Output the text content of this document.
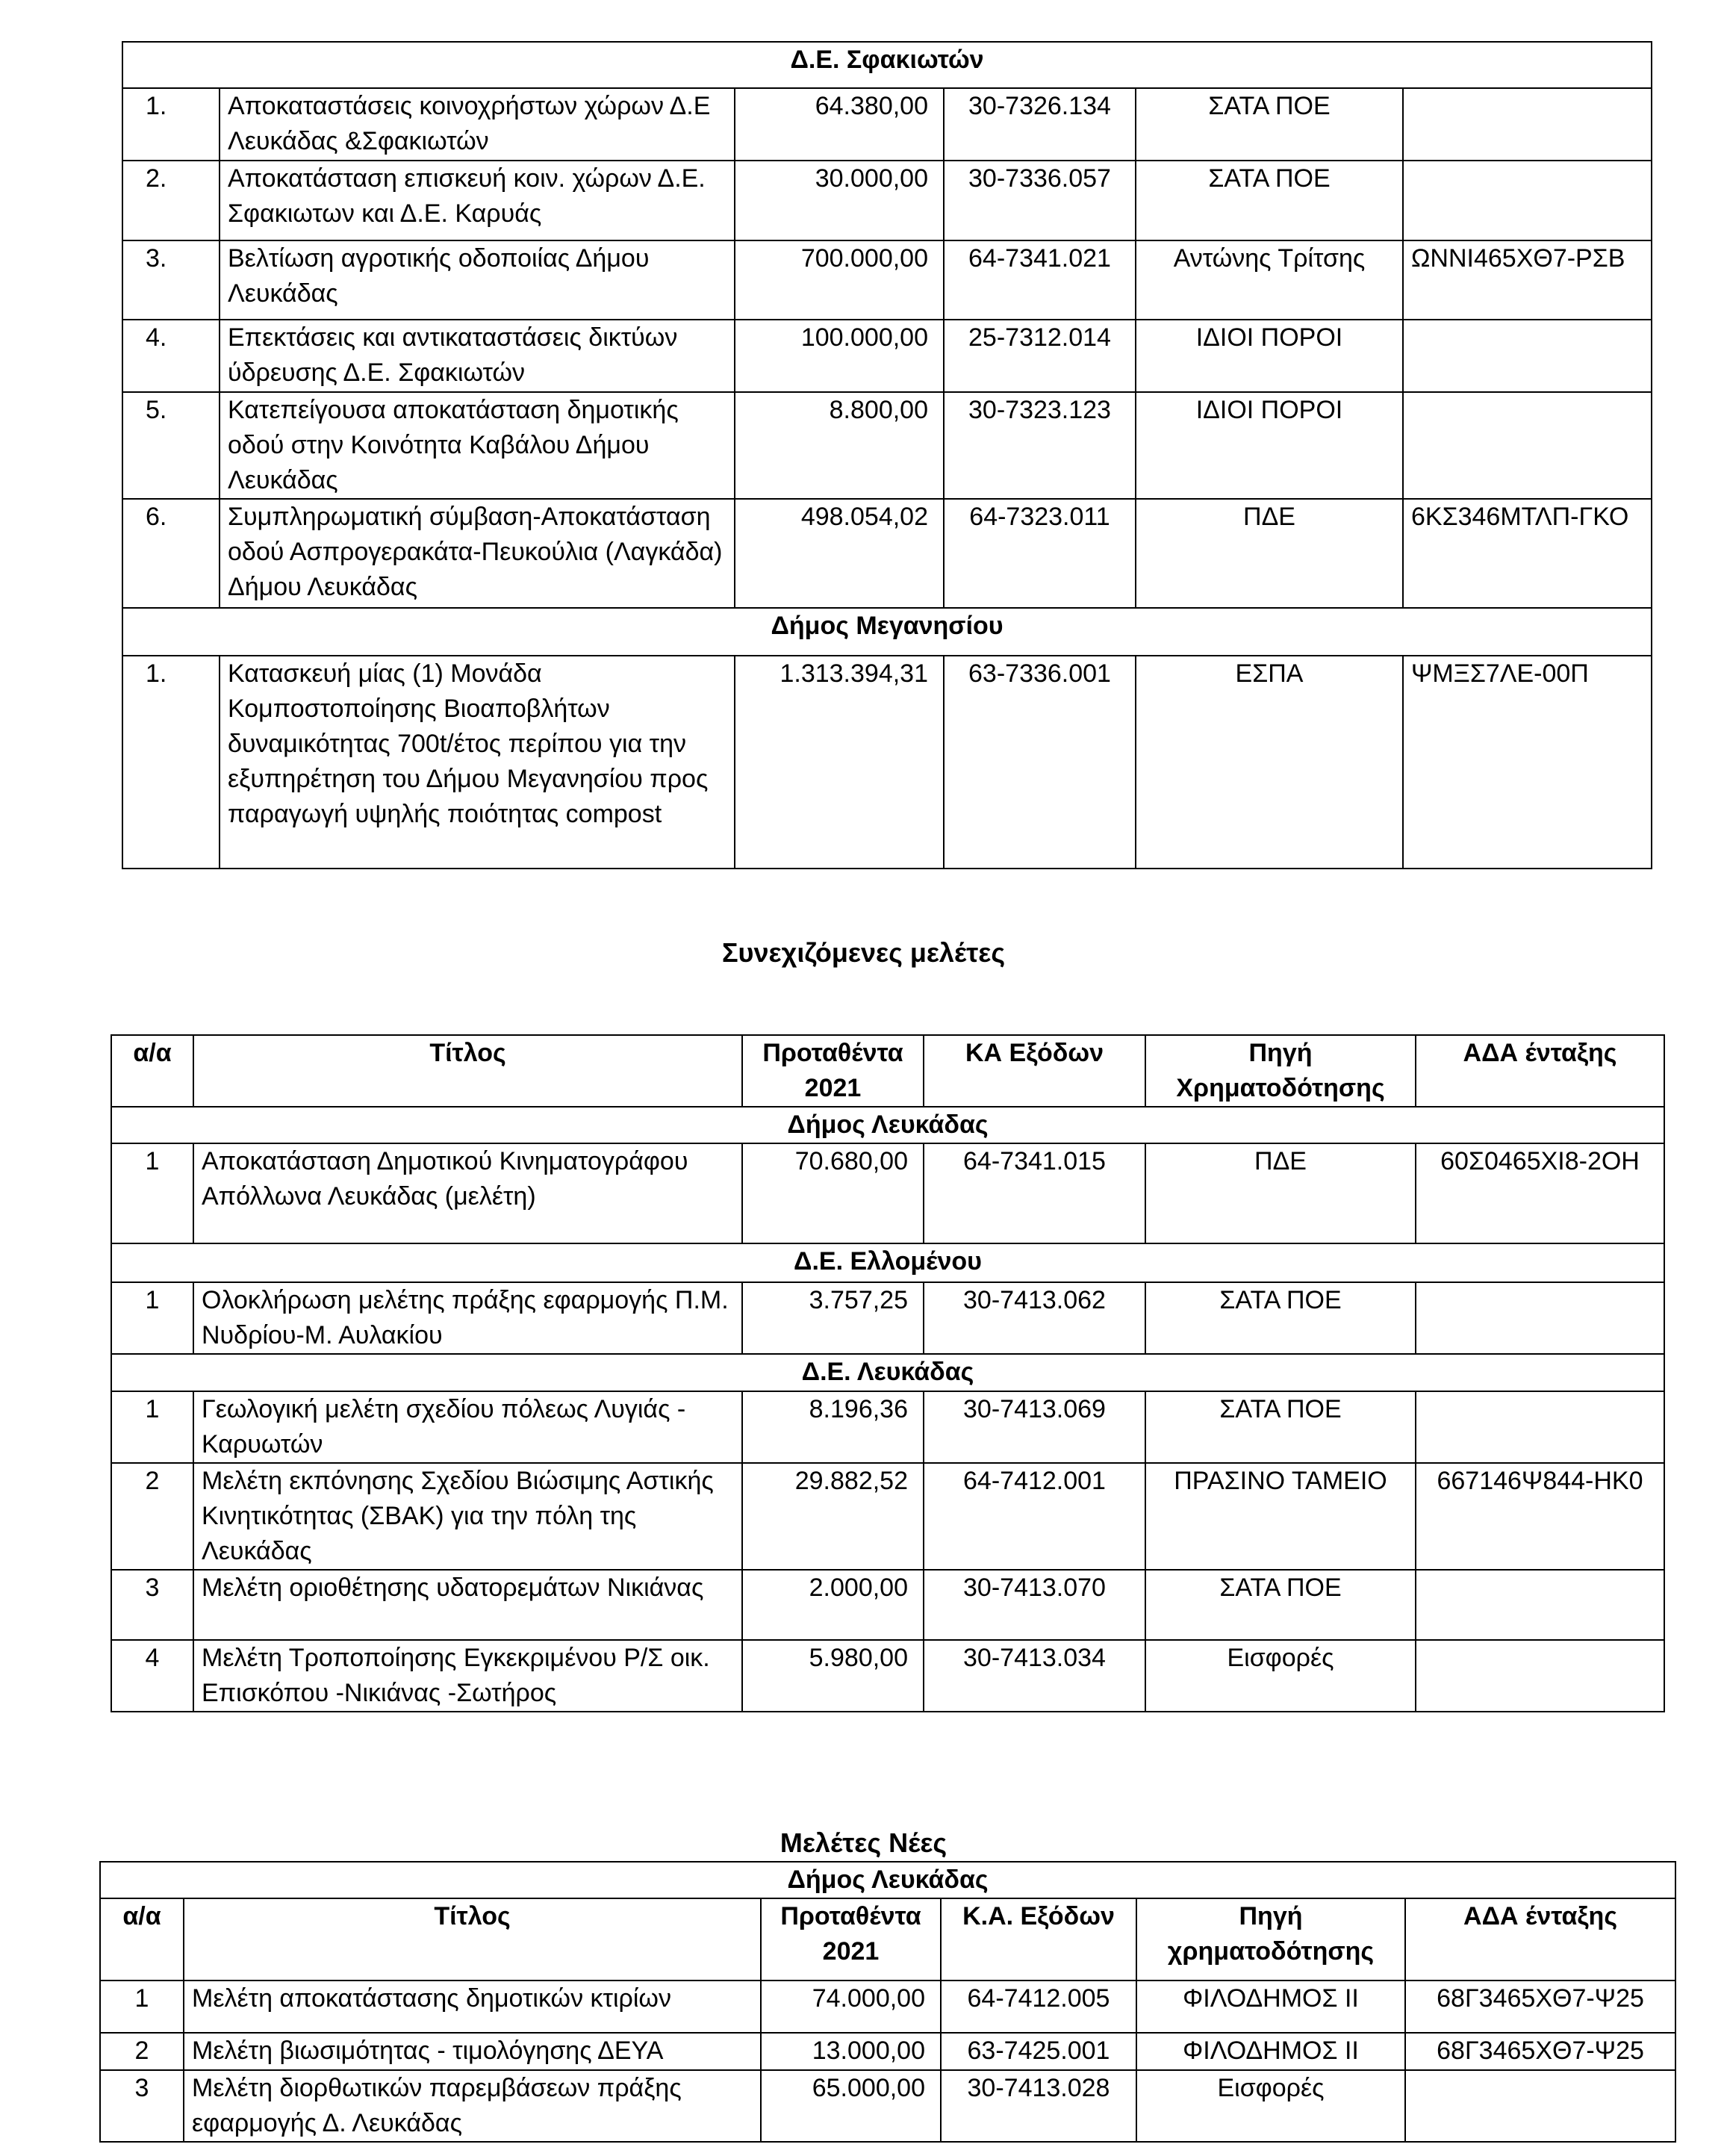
Δ.Ε. Σφακιωτών					
1.	Αποκαταστάσεις κοινοχρήστων χώρων Δ.Ε Λευκάδας &Σφακιωτών	64.380,00	30-7326.134	ΣΑΤΑ ΠΟΕ	
2.	Αποκατάσταση επισκευή κοιν. χώρων Δ.Ε. Σφακιωτων και Δ.Ε. Καρυάς	30.000,00	30-7336.057	ΣΑΤΑ ΠΟΕ	
3.	Βελτίωση αγροτικής οδοποιίας Δήμου Λευκάδας	700.000,00	64-7341.021	Αντώνης Τρίτσης	ΩΝΝΙ465ΧΘ7-ΡΣΒ
4.	Επεκτάσεις και αντικαταστάσεις δικτύων ύδρευσης Δ.Ε. Σφακιωτών	100.000,00	25-7312.014	ΙΔΙΟΙ ΠΟΡΟΙ	
5.	Κατεπείγουσα αποκατάσταση δημοτικής οδού στην Κοινότητα Καβάλου Δήμου Λευκάδας	8.800,00	30-7323.123	ΙΔΙΟΙ ΠΟΡΟΙ	
6.	Συμπληρωματική σύμβαση-Αποκατάσταση οδού Ασπρογερακάτα-Πευκούλια (Λαγκάδα) Δήμου Λευκάδας	498.054,02	64-7323.011	ΠΔΕ	6ΚΣ346ΜΤΛΠ-ΓΚΟ
Δήμος Μεγανησίου					
1.	Κατασκευή μίας (1) Μονάδα Κομποστοποίησης Βιοαποβλήτων δυναμικότητας 700t/έτος περίπου για την εξυπηρέτηση του Δήμου Μεγανησίου προς παραγωγή υψηλής ποιότητας compost	1.313.394,31	63-7336.001	ΕΣΠΑ	ΨΜΞΣ7ΛΕ-00Π
Συνεχιζόμενες μελέτες
α/α	Τίτλος	Προταθέντα 2021	ΚΑ Εξόδων	Πηγή Χρηματοδότησης	ΑΔΑ ένταξης
Δήμος Λευκάδας					
1	Αποκατάσταση Δημοτικού Κινηματογράφου Απόλλωνα Λευκάδας (μελέτη)	70.680,00	64-7341.015	ΠΔΕ	60Σ0465ΧΙ8-2ΟΗ
Δ.Ε. Ελλομένου					
1	Ολοκλήρωση μελέτης πράξης εφαρμογής Π.Μ. Νυδρίου-Μ. Αυλακίου	3.757,25	30-7413.062	ΣΑΤΑ ΠΟΕ	
Δ.Ε. Λευκάδας					
1	Γεωλογική μελέτη σχεδίου πόλεως Λυγιάς - Καρυωτών	8.196,36	30-7413.069	ΣΑΤΑ ΠΟΕ	
2	Μελέτη εκπόνησης Σχεδίου Βιώσιμης Αστικής Κινητικότητας (ΣΒΑΚ) για την πόλη της Λευκάδας	29.882,52	64-7412.001	ΠΡΑΣΙΝΟ ΤΑΜΕΙΟ	667146Ψ844-ΗΚ0
3	Μελέτη οριοθέτησης υδατορεμάτων Νικιάνας	2.000,00	30-7413.070	ΣΑΤΑ ΠΟΕ	
4	Μελέτη Τροποποίησης Εγκεκριμένου Ρ/Σ οικ. Επισκόπου -Νικιάνας -Σωτήρος	5.980,00	30-7413.034	Εισφορές	
Μελέτες Νέες
Δήμος Λευκάδας					
α/α	Τίτλος	Προταθέντα 2021	Κ.Α. Εξόδων	Πηγή χρηματοδότησης	ΑΔΑ ένταξης
1	Μελέτη αποκατάστασης δημοτικών κτιρίων	74.000,00	64-7412.005	ΦΙΛΟΔΗΜΟΣ ΙΙ	68Γ3465ΧΘ7-Ψ25
2	Μελέτη βιωσιμότητας - τιμολόγησης ΔΕΥΑ	13.000,00	63-7425.001	ΦΙΛΟΔΗΜΟΣ ΙΙ	68Γ3465ΧΘ7-Ψ25
3	Μελέτη διορθωτικών παρεμβάσεων πράξης εφαρμογής Δ. Λευκάδας	65.000,00	30-7413.028	Εισφορές	
